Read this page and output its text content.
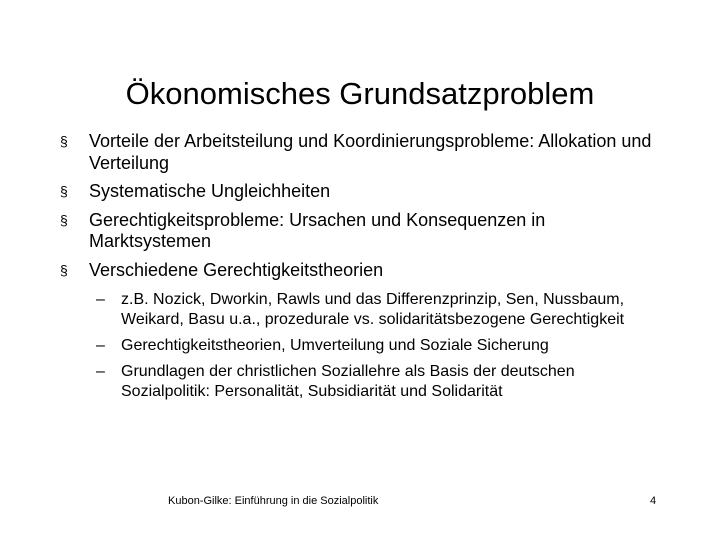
Ökonomisches Grundsatzproblem
§	Vorteile der Arbeitsteilung und Koordinierungsprobleme: Allokation und Verteilung
§	Systematische Ungleichheiten
§	Gerechtigkeitsprobleme: Ursachen und Konsequenzen in Marktsystemen
§	Verschiedene Gerechtigkeitstheorien
–	z.B. Nozick, Dworkin, Rawls und das Differenzprinzip, Sen, Nussbaum, Weikard, Basu u.a., prozedurale vs. solidaritätsbezogene Gerechtigkeit
–	Gerechtigkeitstheorien, Umverteilung und Soziale Sicherung
–	Grundlagen der christlichen Soziallehre als Basis der deutschen Sozialpolitik: Personalität, Subsidiarität und Solidarität
Kubon-Gilke: Einführung in die Sozialpolitik	4
